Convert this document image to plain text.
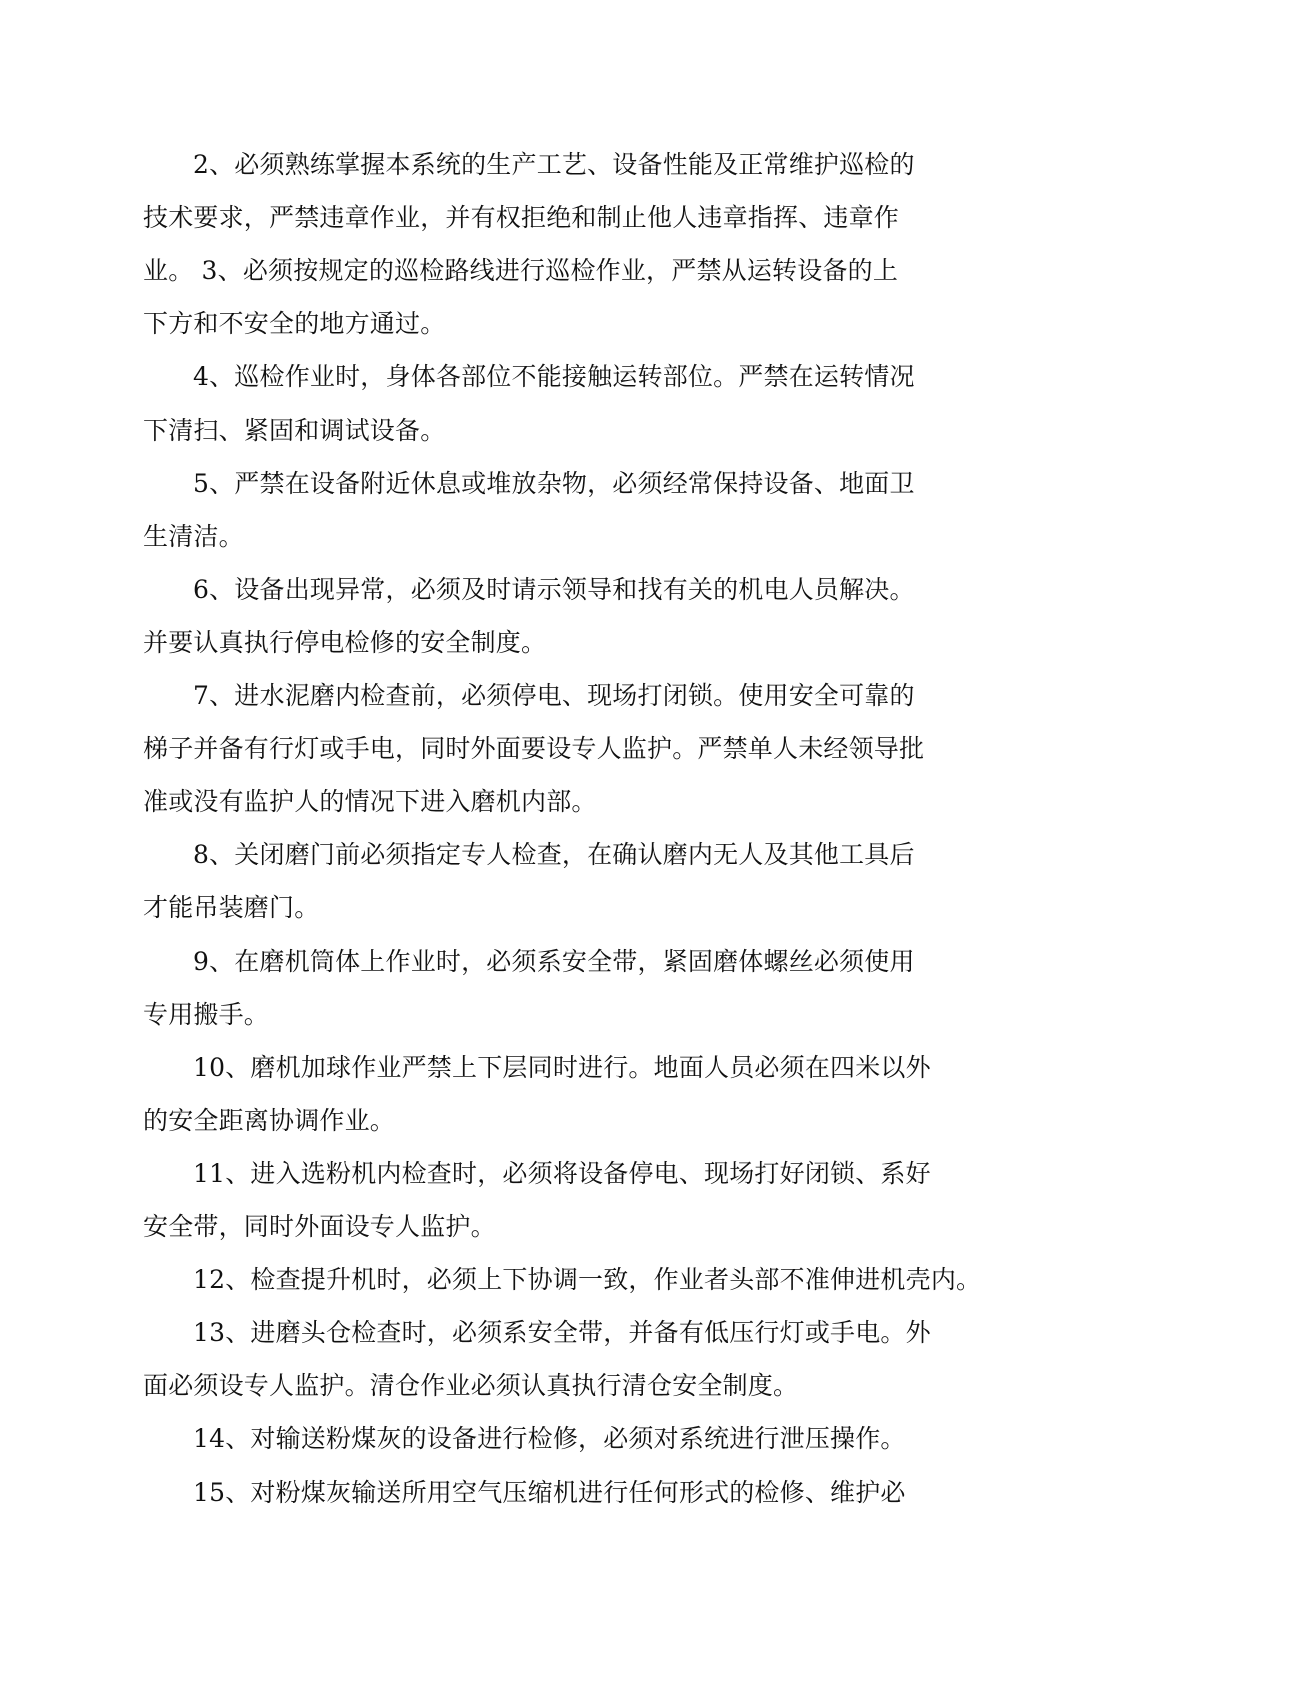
2、必须熟练掌握本系统的生产工艺、设备性能及正常维护巡检的
技术要求，严禁违章作业，并有权拒绝和制止他人违章指挥、违章作
业。 3、必须按规定的巡检路线进行巡检作业，严禁从运转设备的上
下方和不安全的地方通过。
4、巡检作业时，身体各部位不能接触运转部位。严禁在运转情况
下清扫、紧固和调试设备。
5、严禁在设备附近休息或堆放杂物，必须经常保持设备、地面卫
生清洁。
6、设备出现异常，必须及时请示领导和找有关的机电人员解决。
并要认真执行停电检修的安全制度。
7、进水泥磨内检查前，必须停电、现场打闭锁。使用安全可靠的
梯子并备有行灯或手电，同时外面要设专人监护。严禁单人未经领导批
准或没有监护人的情况下进入磨机内部。
8、关闭磨门前必须指定专人检查，在确认磨内无人及其他工具后
才能吊装磨门。
9、在磨机筒体上作业时，必须系安全带，紧固磨体螺丝必须使用
专用搬手。
10、磨机加球作业严禁上下层同时进行。地面人员必须在四米以外
的安全距离协调作业。
11、进入选粉机内检查时，必须将设备停电、现场打好闭锁、系好
安全带，同时外面设专人监护。
12、检查提升机时，必须上下协调一致，作业者头部不准伸进机壳内。
13、进磨头仓检查时，必须系安全带，并备有低压行灯或手电。外
面必须设专人监护。清仓作业必须认真执行清仓安全制度。
14、对输送粉煤灰的设备进行检修，必须对系统进行泄压操作。
15、对粉煤灰输送所用空气压缩机进行任何形式的检修、维护必
